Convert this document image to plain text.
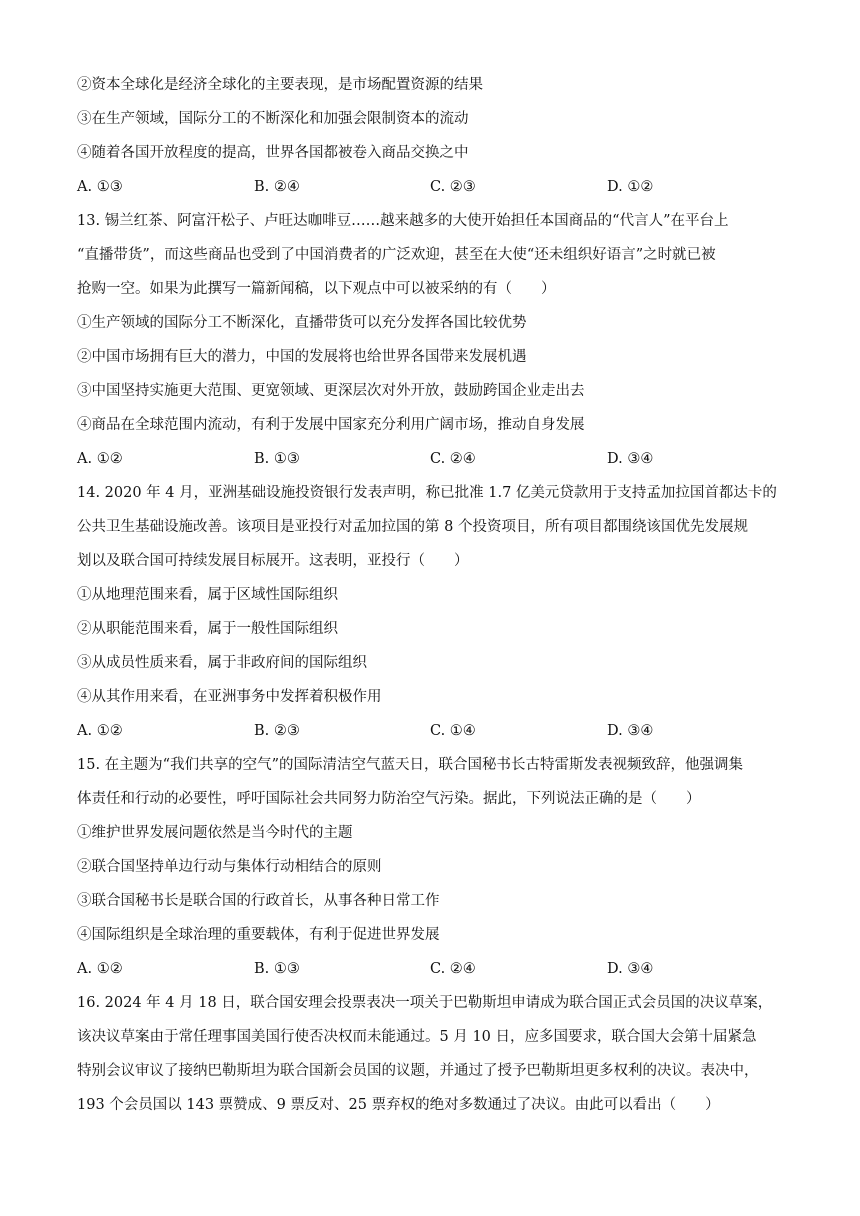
②资本全球化是经济全球化的主要表现，是市场配置资源的结果
③在生产领域，国际分工的不断深化和加强会限制资本的流动
④随着各国开放程度的提高，世界各国都被卷入商品交换之中
A. ①③	B. ②④	C. ②③	D. ①②
13. 锡兰红茶、阿富汗松子、卢旺达咖啡豆……越来越多的大使开始担任本国商品的“代言人”在平台上
“直播带货”，而这些商品也受到了中国消费者的广泛欢迎，甚至在大使“还未组织好语言”之时就已被
抢购一空。如果为此撰写一篇新闻稿，以下观点中可以被采纳的有（　　）
①生产领域的国际分工不断深化，直播带货可以充分发挥各国比较优势
②中国市场拥有巨大的潜力，中国的发展将也给世界各国带来发展机遇
③中国坚持实施更大范围、更宽领域、更深层次对外开放，鼓励跨国企业走出去
④商品在全球范围内流动，有利于发展中国家充分利用广阔市场，推动自身发展
A. ①②	B. ①③	C. ②④	D. ③④
14. 2020 年 4 月，亚洲基础设施投资银行发表声明，称已批准 1.7 亿美元贷款用于支持孟加拉国首都达卡的
公共卫生基础设施改善。该项目是亚投行对孟加拉国的第 8 个投资项目，所有项目都围绕该国优先发展规
划以及联合国可持续发展目标展开。这表明，亚投行（　　）
①从地理范围来看，属于区域性国际组织
②从职能范围来看，属于一般性国际组织
③从成员性质来看，属于非政府间的国际组织
④从其作用来看，在亚洲事务中发挥着积极作用
A. ①②	B. ②③	C. ①④	D. ③④
15. 在主题为“我们共享的空气”的国际清洁空气蓝天日，联合国秘书长古特雷斯发表视频致辞，他强调集
体责任和行动的必要性，呼吁国际社会共同努力防治空气污染。据此，下列说法正确的是（　　）
①维护世界发展问题依然是当今时代的主题
②联合国坚持单边行动与集体行动相结合的原则
③联合国秘书长是联合国的行政首长，从事各种日常工作
④国际组织是全球治理的重要载体，有利于促进世界发展
A. ①②	B. ①③	C. ②④	D. ③④
16. 2024 年 4 月 18 日，联合国安理会投票表决一项关于巴勒斯坦申请成为联合国正式会员国的决议草案，
该决议草案由于常任理事国美国行使否决权而未能通过。5 月 10 日，应多国要求，联合国大会第十届紧急
特别会议审议了接纳巴勒斯坦为联合国新会员国的议题，并通过了授予巴勒斯坦更多权利的决议。表决中，
193 个会员国以 143 票赞成、9 票反对、25 票弃权的绝对多数通过了决议。由此可以看出（　　）
